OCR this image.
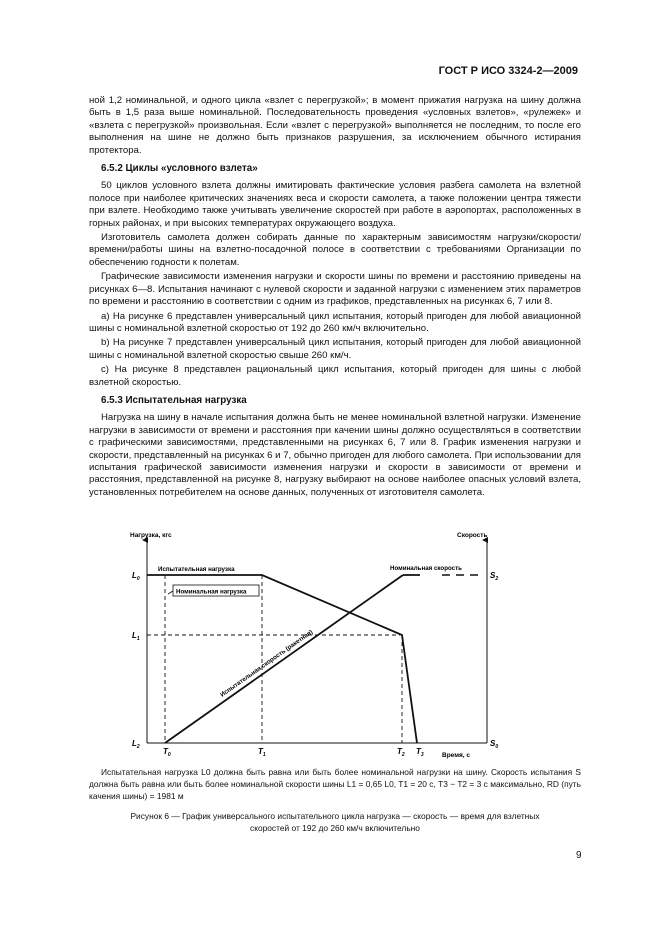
ГОСТ Р ИСО 3324-2—2009

ной 1,2 номинальной, и одного цикла «взлет с перегрузкой»; в момент прижатия нагрузка на шину должна быть в 1,5 раза выше номинальной. Последовательность проведения «условных взлетов», «рулежек» и «взлета с перегрузкой» произвольная. Если «взлет с перегрузкой» выполняется не последним, то после его выполнения на шине не должно быть признаков разрушения, за исключением обычного истирания протектора.

6.5.2 Циклы «условного взлета»

50 циклов условного взлета должны имитировать фактические условия разбега самолета на взлетной полосе при наиболее критических значениях веса и скорости самолета, а также положении центра тяжести при взлете. Необходимо также учитывать увеличение скоростей при работе в аэропортах, расположенных в горных районах, и при высоких температурах окружающего воздуха.

Изготовитель самолета должен собирать данные по характерным зависимостям нагрузки/скорости/времени/работы шины на взлетно-посадочной полосе в соответствии с требованиями Организации по обеспечению годности к полетам.

Графические зависимости изменения нагрузки и скорости шины по времени и расстоянию приведены на рисунках 6—8. Испытания начинают с нулевой скорости и заданной нагрузки с изменением этих параметров по времени и расстоянию в соответствии с одним из графиков, представленных на рисунках 6, 7 или 8.

a) На рисунке 6 представлен универсальный цикл испытания, который пригоден для любой авиационной шины с номинальной взлетной скоростью от 192 до 260 км/ч включительно.

b) На рисунке 7 представлен универсальный цикл испытания, который пригоден для любой авиационной шины с номинальной взлетной скоростью свыше 260 км/ч.

c) На рисунке 8 представлен рациональный цикл испытания, который пригоден для шины с любой взлетной скоростью.

6.5.3 Испытательная нагрузка

Нагрузка на шину в начале испытания должна быть не менее номинальной взлетной нагрузки. Изменение нагрузки в зависимости от времени и расстояния при качении шины должно осуществляться в соответствии с графическими зависимостями, представленными на рисунках 6, 7 или 8. График изменения нагрузки и скорости, представленный на рисунках 6 и 7, обычно пригоден для любого самолета. При использовании для испытания графической зависимости изменения нагрузки и скорости в зависимости от времени и расстояния, представленной на рисунке 8, нагрузку выбирают на основе наиболее опасных условий взлета, установленных потребителем на основе данных, полученных от изготовителя самолета.

Нагрузка, кгс	Скорость
Время, с
$L_0$
$L_1$
$L_2$
$S_2$
$S_0$
$T_0$	$T_1$	$T_2$ $T_3$
Испытательная нагрузка
Номинальная нагрузка
Номинальная скорость
Испытательная скорость (ракетная)
Испытательная нагрузка L0 должна быть равна или быть более номинальной нагрузки на шину. Скорость испытания S должна быть равна или быть более номинальной скорости шины L1 = 0,65 L0, T1 = 20 с, T3 − T2 = 3 с максимально, RD (путь качения шины) = 1981 м
Рисунок 6 — График универсального испытательного цикла нагрузка — скорость — время для взлетных
скоростей от 192 до 260 км/ч включительно
9
